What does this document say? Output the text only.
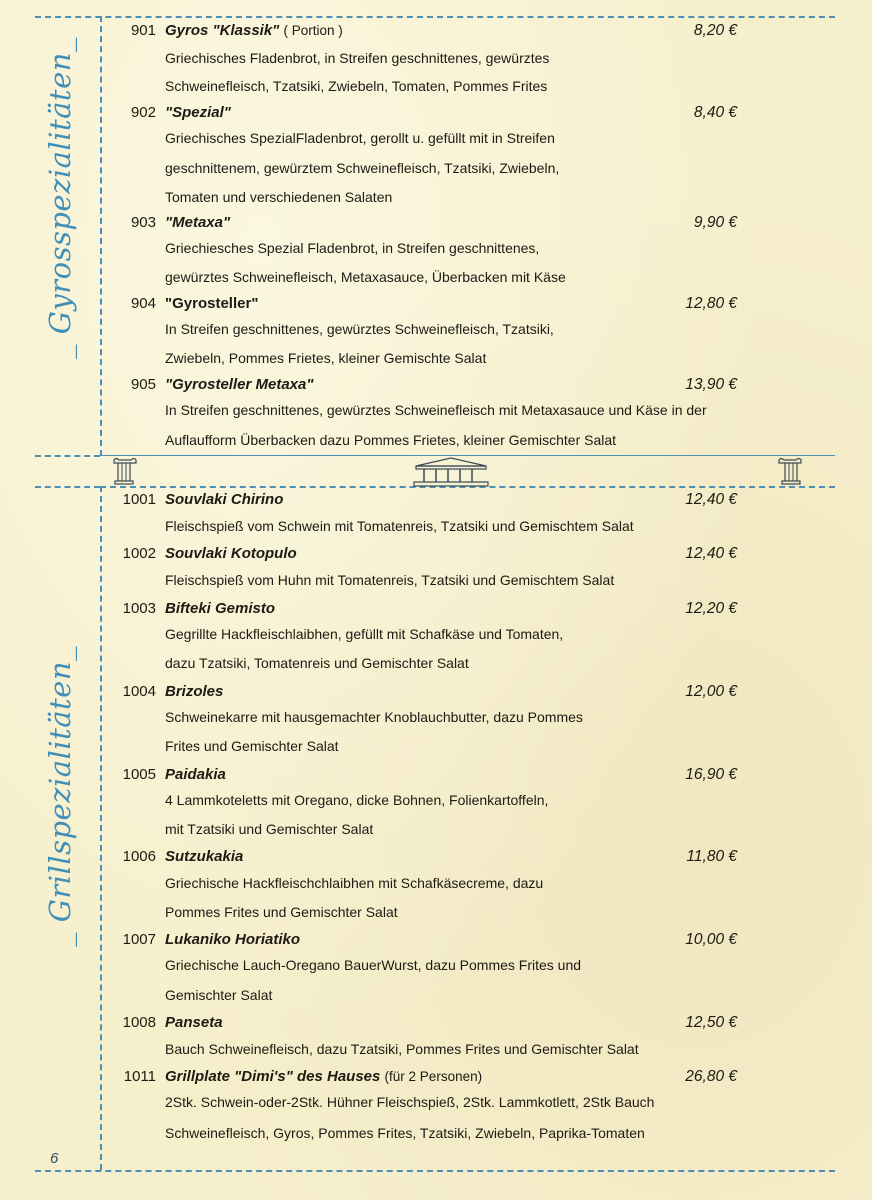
_ Gyrosspezialitäten_
_ Grillspezialitäten_
901 Gyros "Klassik" ( Portion )	8,20 €
Griechisches Fladenbrot, in Streifen geschnittenes, gewürztes
Schweinefleisch, Tzatsiki, Zwiebeln, Tomaten, Pommes Frites
902 "Spezial"	8,40 €
Griechisches SpezialFladenbrot, gerollt u. gefüllt mit in Streifen
geschnittenem, gewürztem Schweinefleisch, Tzatsiki, Zwiebeln,
Tomaten und verschiedenen Salaten
903 "Metaxa"	9,90 €
Griechiesches Spezial Fladenbrot, in Streifen geschnittenes,
gewürztes Schweinefleisch, Metaxasauce, Überbacken mit Käse
904 "Gyrosteller"	12,80 €
In Streifen geschnittenes, gewürztes Schweinefleisch, Tzatsiki,
Zwiebeln, Pommes Frietes, kleiner Gemischte Salat
905 "Gyrosteller Metaxa"	13,90 €
In Streifen geschnittenes, gewürztes Schweinefleisch mit Metaxasauce und Käse in der
Auflaufform Überbacken dazu Pommes Frietes, kleiner Gemischter Salat
1001 Souvlaki Chirino	12,40 €
Fleischspieß vom Schwein mit Tomatenreis, Tzatsiki und Gemischtem Salat
1002 Souvlaki Kotopulo	12,40 €
Fleischspieß vom Huhn mit Tomatenreis, Tzatsiki und Gemischtem Salat
1003 Bifteki Gemisto	12,20 €
Gegrillte Hackfleischlaibhen, gefüllt mit Schafkäse und Tomaten,
dazu Tzatsiki, Tomatenreis und Gemischter Salat
1004 Brizoles	12,00 €
Schweinekarre mit hausgemachter Knoblauchbutter, dazu Pommes
Frites und Gemischter Salat
1005 Paidakia	16,90 €
4 Lammkoteletts mit Oregano, dicke Bohnen, Folienkartoffeln,
mit Tzatsiki und Gemischter Salat
1006 Sutzukakia	11,80 €
Griechische Hackfleischchlaibhen mit Schafkäsecreme, dazu
Pommes Frites und Gemischter Salat
1007 Lukaniko Horiatiko	10,00 €
Griechische Lauch-Oregano BauerWurst, dazu Pommes Frites und
Gemischter Salat
1008 Panseta	12,50 €
Bauch Schweinefleisch, dazu Tzatsiki, Pommes Frites und Gemischter Salat
1011 Grillplate "Dimi's" des Hauses (für 2 Personen)	26,80 €
2Stk. Schwein-oder-2Stk. Hühner Fleischspieß, 2Stk. Lammkotlett, 2Stk Bauch
Schweinefleisch, Gyros, Pommes Frites, Tzatsiki, Zwiebeln, Paprika-Tomaten
6
